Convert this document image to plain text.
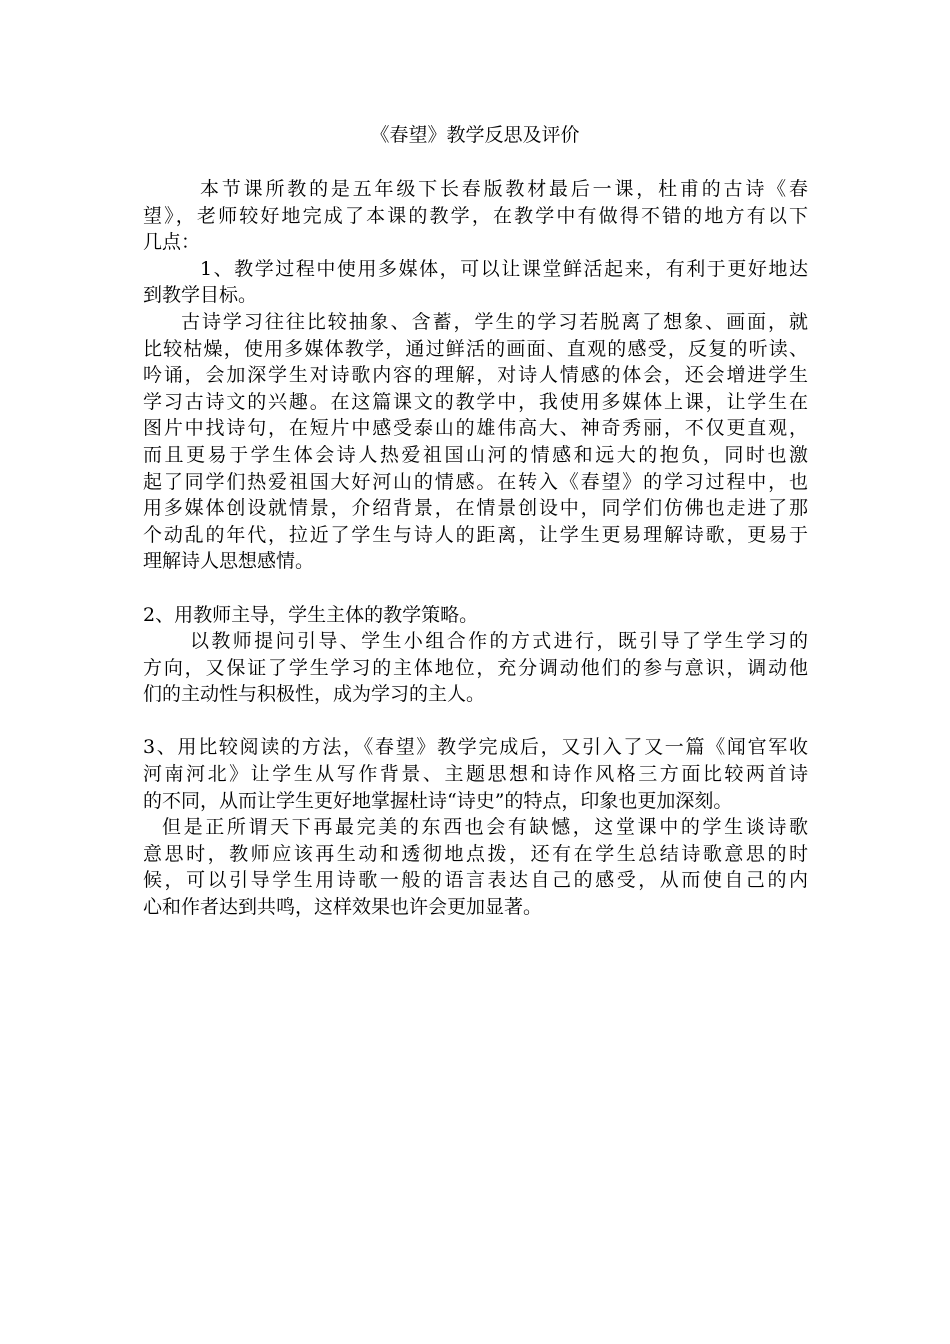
《春望》教学反思及评价
本节课所教的是五年级下长春版教材最后一课，杜甫的古诗《春
望》，老师较好地完成了本课的教学，在教学中有做得不错的地方有以下
几点：
1、教学过程中使用多媒体，可以让课堂鲜活起来，有利于更好地达
到教学目标。
古诗学习往往比较抽象、含蓄，学生的学习若脱离了想象、画面，就
比较枯燥，使用多媒体教学，通过鲜活的画面、直观的感受，反复的听读、
吟诵，会加深学生对诗歌内容的理解，对诗人情感的体会，还会增进学生
学习古诗文的兴趣。在这篇课文的教学中，我使用多媒体上课，让学生在
图片中找诗句，在短片中感受泰山的雄伟高大、神奇秀丽，不仅更直观，
而且更易于学生体会诗人热爱祖国山河的情感和远大的抱负，同时也激
起了同学们热爱祖国大好河山的情感。在转入《春望》的学习过程中，也
用多媒体创设就情景，介绍背景，在情景创设中，同学们仿佛也走进了那
个动乱的年代，拉近了学生与诗人的距离，让学生更易理解诗歌，更易于
理解诗人思想感情。
2、用教师主导，学生主体的教学策略。
以教师提问引导、学生小组合作的方式进行，既引导了学生学习的
方向，又保证了学生学习的主体地位，充分调动他们的参与意识，调动他
们的主动性与积极性，成为学习的主人。
3、用比较阅读的方法，《春望》教学完成后，又引入了又一篇《闻官军收
河南河北》让学生从写作背景、主题思想和诗作风格三方面比较两首诗
的不同，从而让学生更好地掌握杜诗“诗史”的特点，印象也更加深刻。
但是正所谓天下再最完美的东西也会有缺憾，这堂课中的学生谈诗歌
意思时，教师应该再生动和透彻地点拨，还有在学生总结诗歌意思的时
候，可以引导学生用诗歌一般的语言表达自己的感受，从而使自己的内
心和作者达到共鸣，这样效果也许会更加显著。
